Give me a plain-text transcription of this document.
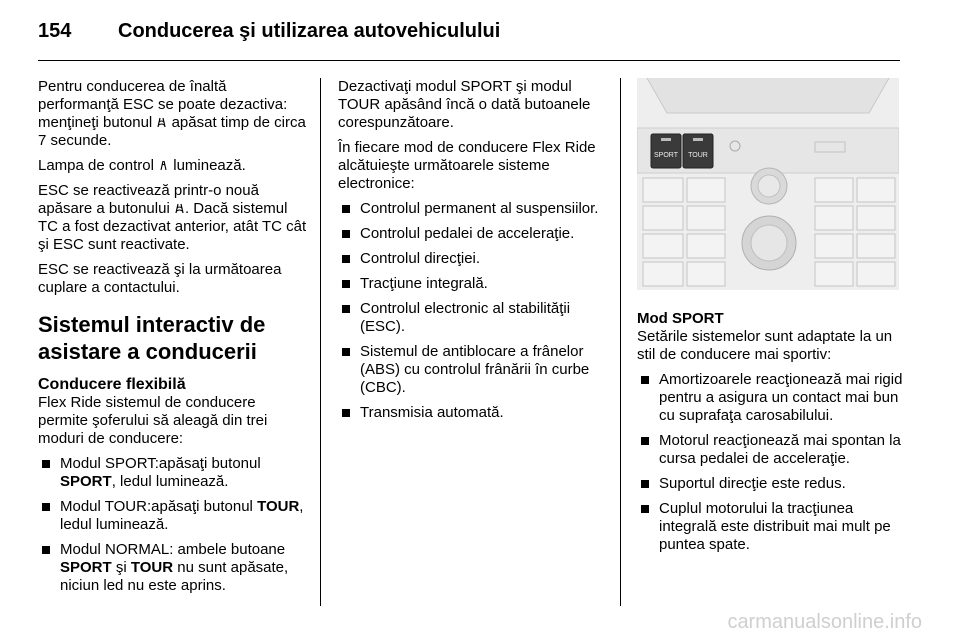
154 Conducerea şi utilizarea autovehiculului

Pentru conducerea de înaltă performanţă ESC se poate dezactiva: menţineţi butonul  apăsat timp de circa 7 secunde.

Lampa de control  luminează.

ESC se reactivează printr-o nouă apăsare a butonului . Dacă sistemul TC a fost dezactivat anterior, atât TC cât şi ESC sunt reactivate.

ESC se reactivează şi la următoarea cuplare a contactului.

Sistemul interactiv de asistare a conducerii
Conducere flexibilă

Flex Ride sistemul de conducere permite şoferului să aleagă din trei moduri de conducere:

Modul SPORT:apăsaţi butonul SPORT, ledul luminează.
Modul TOUR:apăsaţi butonul TOUR, ledul luminează.
Modul NORMAL: ambele butoane SPORT şi TOUR nu sunt apăsate, niciun led nu este aprins.

Dezactivaţi modul SPORT şi modul TOUR apăsând încă o dată butoanele corespunzătoare.

În fiecare mod de conducere Flex Ride alcătuieşte următoarele sisteme electronice:

Controlul permanent al suspensiilor.
Controlul pedalei de acceleraţie.
Controlul direcţiei.
Tracţiune integrală.
Controlul electronic al stabilităţii (ESC).
Sistemul de antiblocare a frânelor (ABS) cu controlul frânării în curbe (CBC).
Transmisia automată.
SPORT TOUR
Mod SPORT

Setările sistemelor sunt adaptate la un stil de conducere mai sportiv:

Amortizoarele reacţionează mai rigid pentru a asigura un contact mai bun cu suprafaţa carosabilului.
Motorul reacţionează mai spontan la cursa pedalei de acceleraţie.
Suportul direcţie este redus.
Cuplul motorului la tracţiunea integrală este distribuit mai mult pe puntea spate.
carmanualsonline.info
